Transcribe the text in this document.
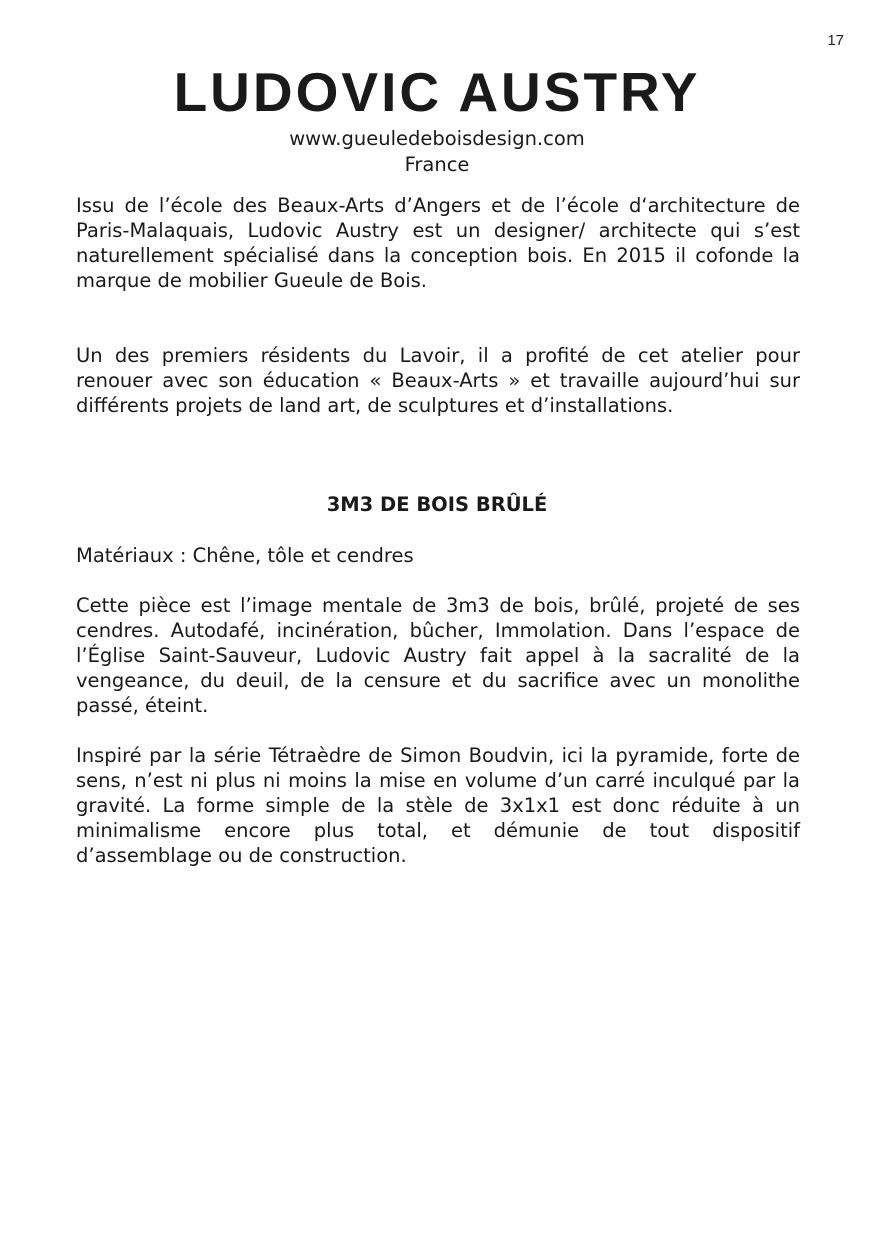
17
LUDOVIC AUSTRY
www.gueuledeboisdesign.com
France

Issu de l’école des Beaux-Arts d’Angers et de l’école d‘architecture de Paris-Malaquais, Ludovic Austry est un designer/ architecte qui s’est naturellement spécialisé dans la conception bois. En 2015 il cofonde la marque de mobilier Gueule de Bois.

Un des premiers résidents du Lavoir, il a profité de cet atelier pour renouer avec son éducation « Beaux-Arts » et travaille aujourd’hui sur différents projets de land art, de sculptures et d’installations.

3M3 DE BOIS BRÛLÉ

Matériaux : Chêne, tôle et cendres

Cette pièce est l’image mentale de 3m3 de bois, brûlé, projeté de ses cendres. Autodafé, incinération, bûcher, Immolation. Dans l’espace de l’Église Saint-Sauveur, Ludovic Austry fait appel à la sacralité de la vengeance, du deuil, de la censure et du sacrifice avec un monolithe passé, éteint.

Inspiré par la série Tétraèdre de Simon Boudvin, ici la pyramide, forte de sens, n’est ni plus ni moins la mise en volume d’un carré inculqué par la gravité. La forme simple de la stèle de 3x1x1 est donc réduite à un minimalisme encore plus total, et démunie de tout dispositif d’assemblage ou de construction.
